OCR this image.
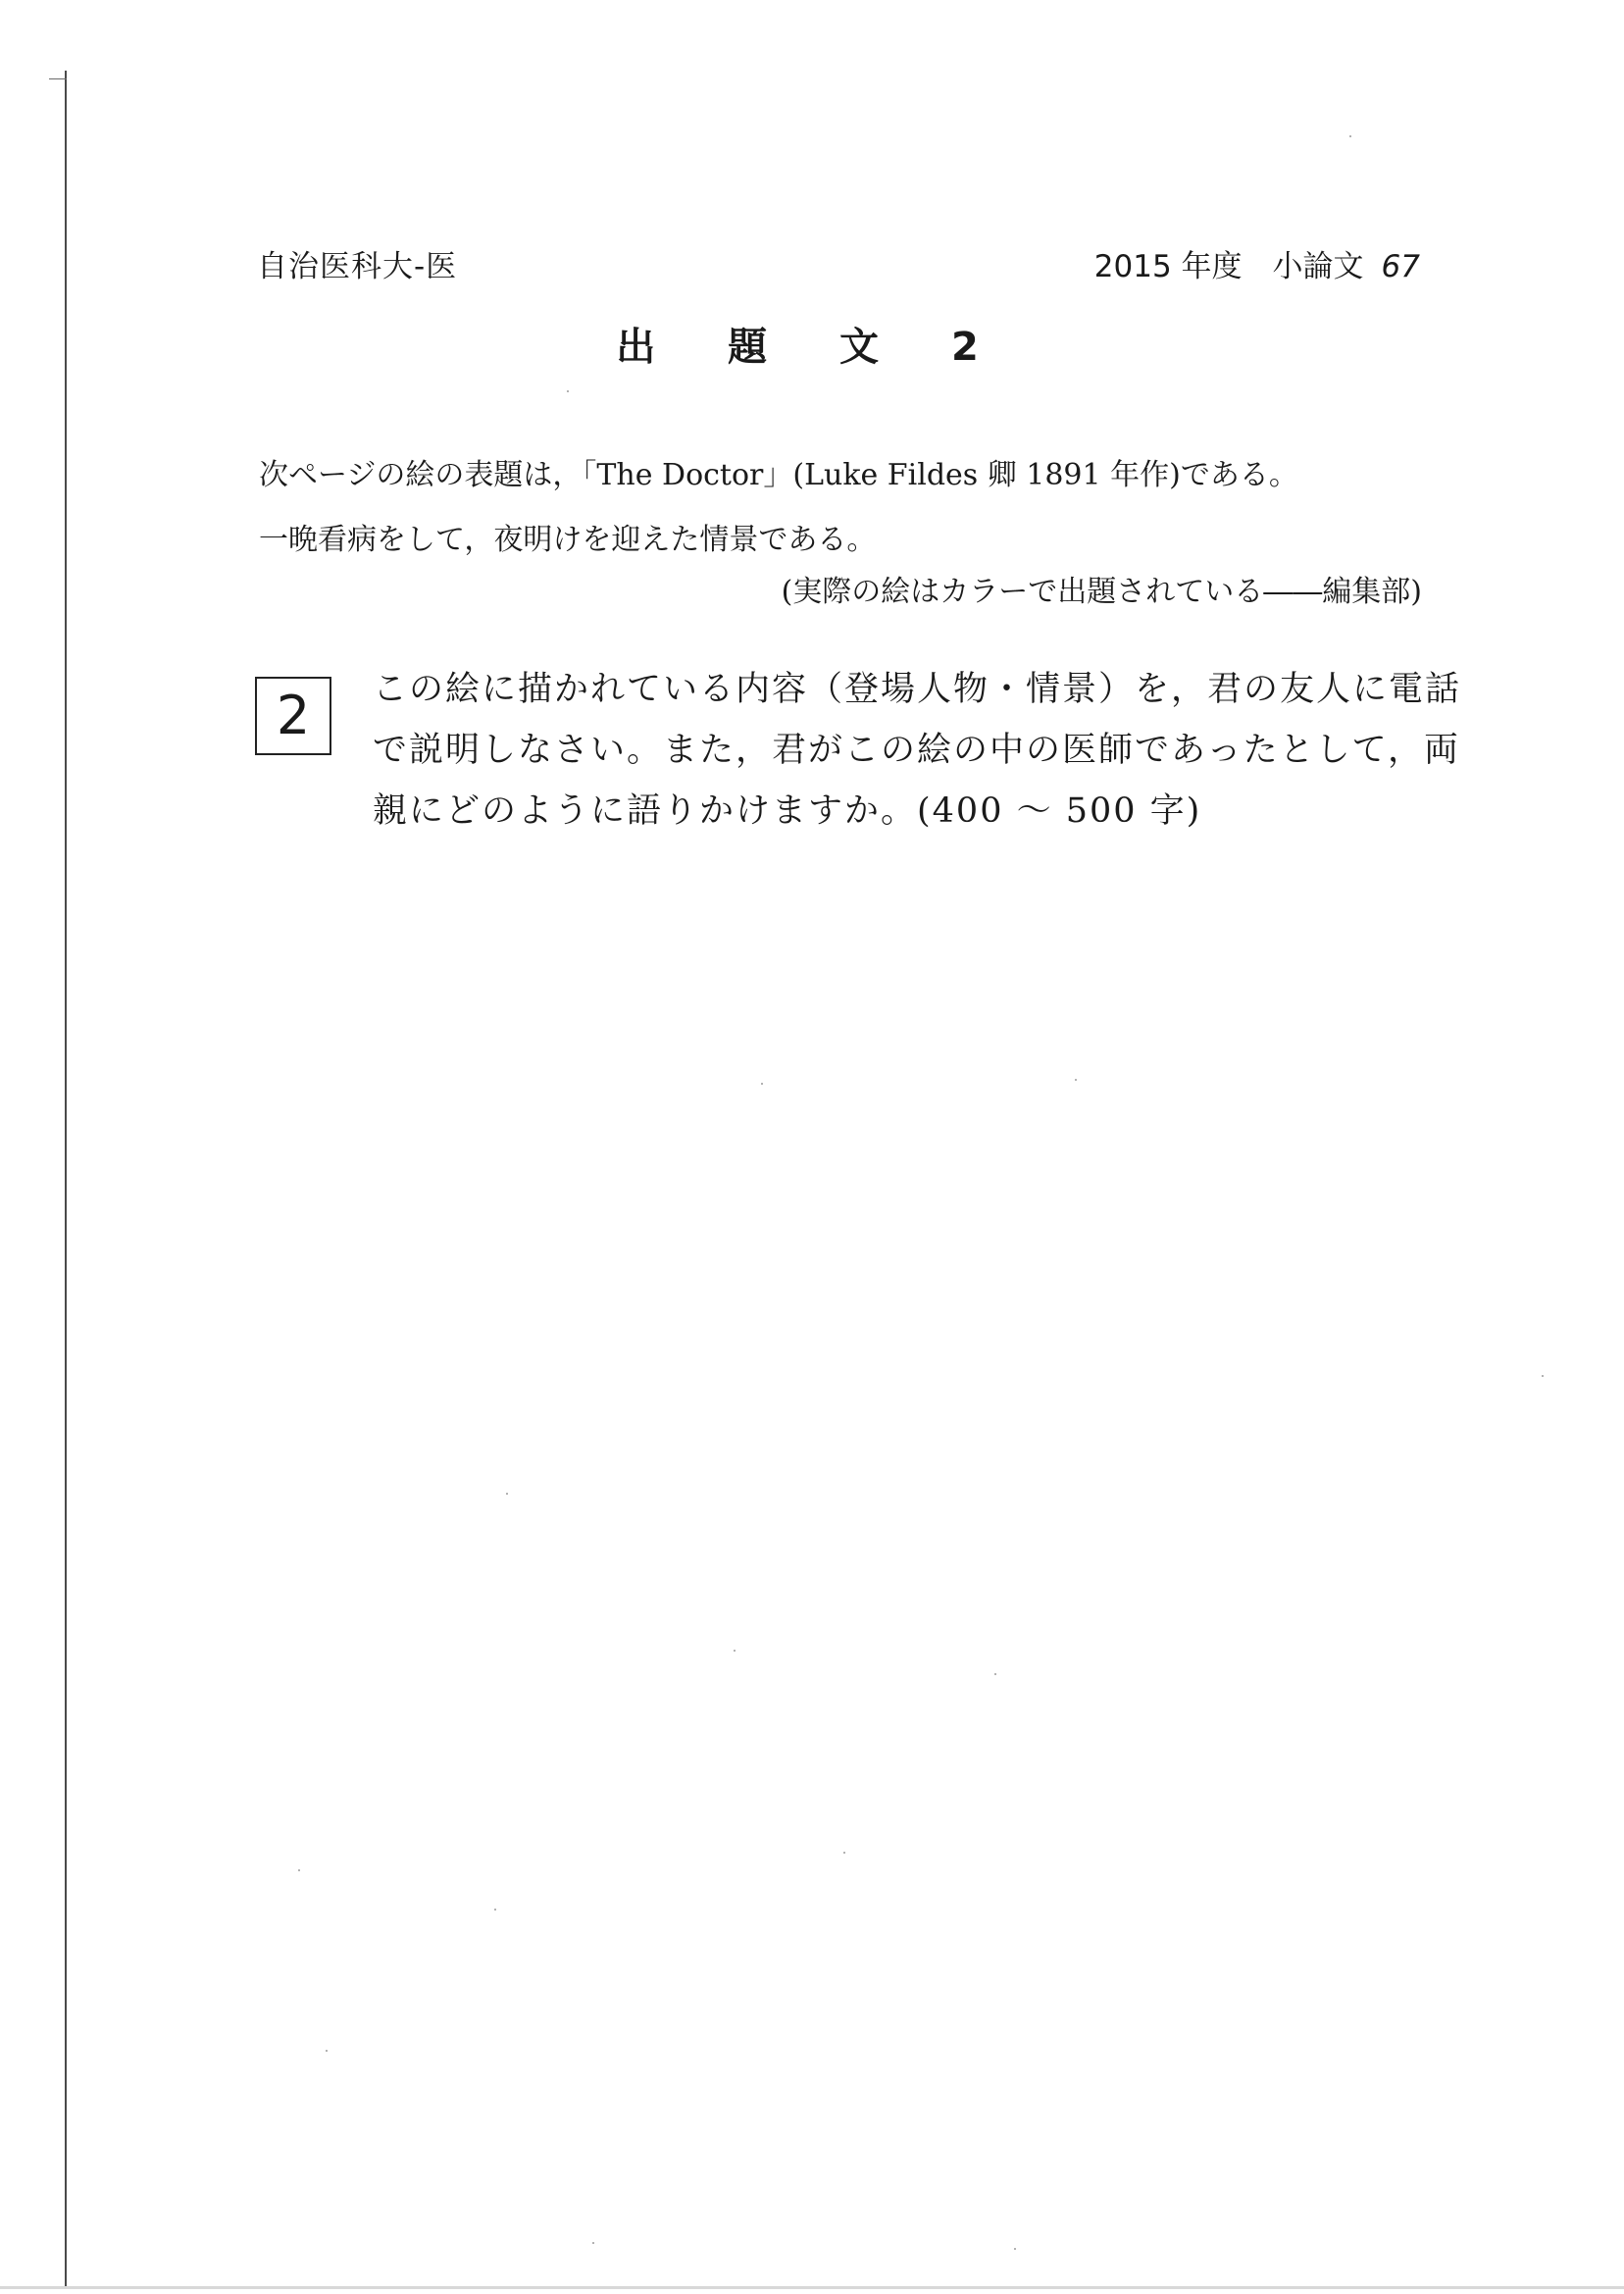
自治医科大-医	2015 年度　小論文 67
出 題 文 2
次ページの絵の表題は，「The Doctor」(Luke Fildes 卿 1891 年作)である。
一晩看病をして，夜明けを迎えた情景である。
(実際の絵はカラーで出題されている――編集部)
2	この絵に描かれている内容（登場人物・情景）を，君の友人に電話

で説明しなさい。また，君がこの絵の中の医師であったとして，両

親にどのように語りかけますか。(400 ～ 500 字)
